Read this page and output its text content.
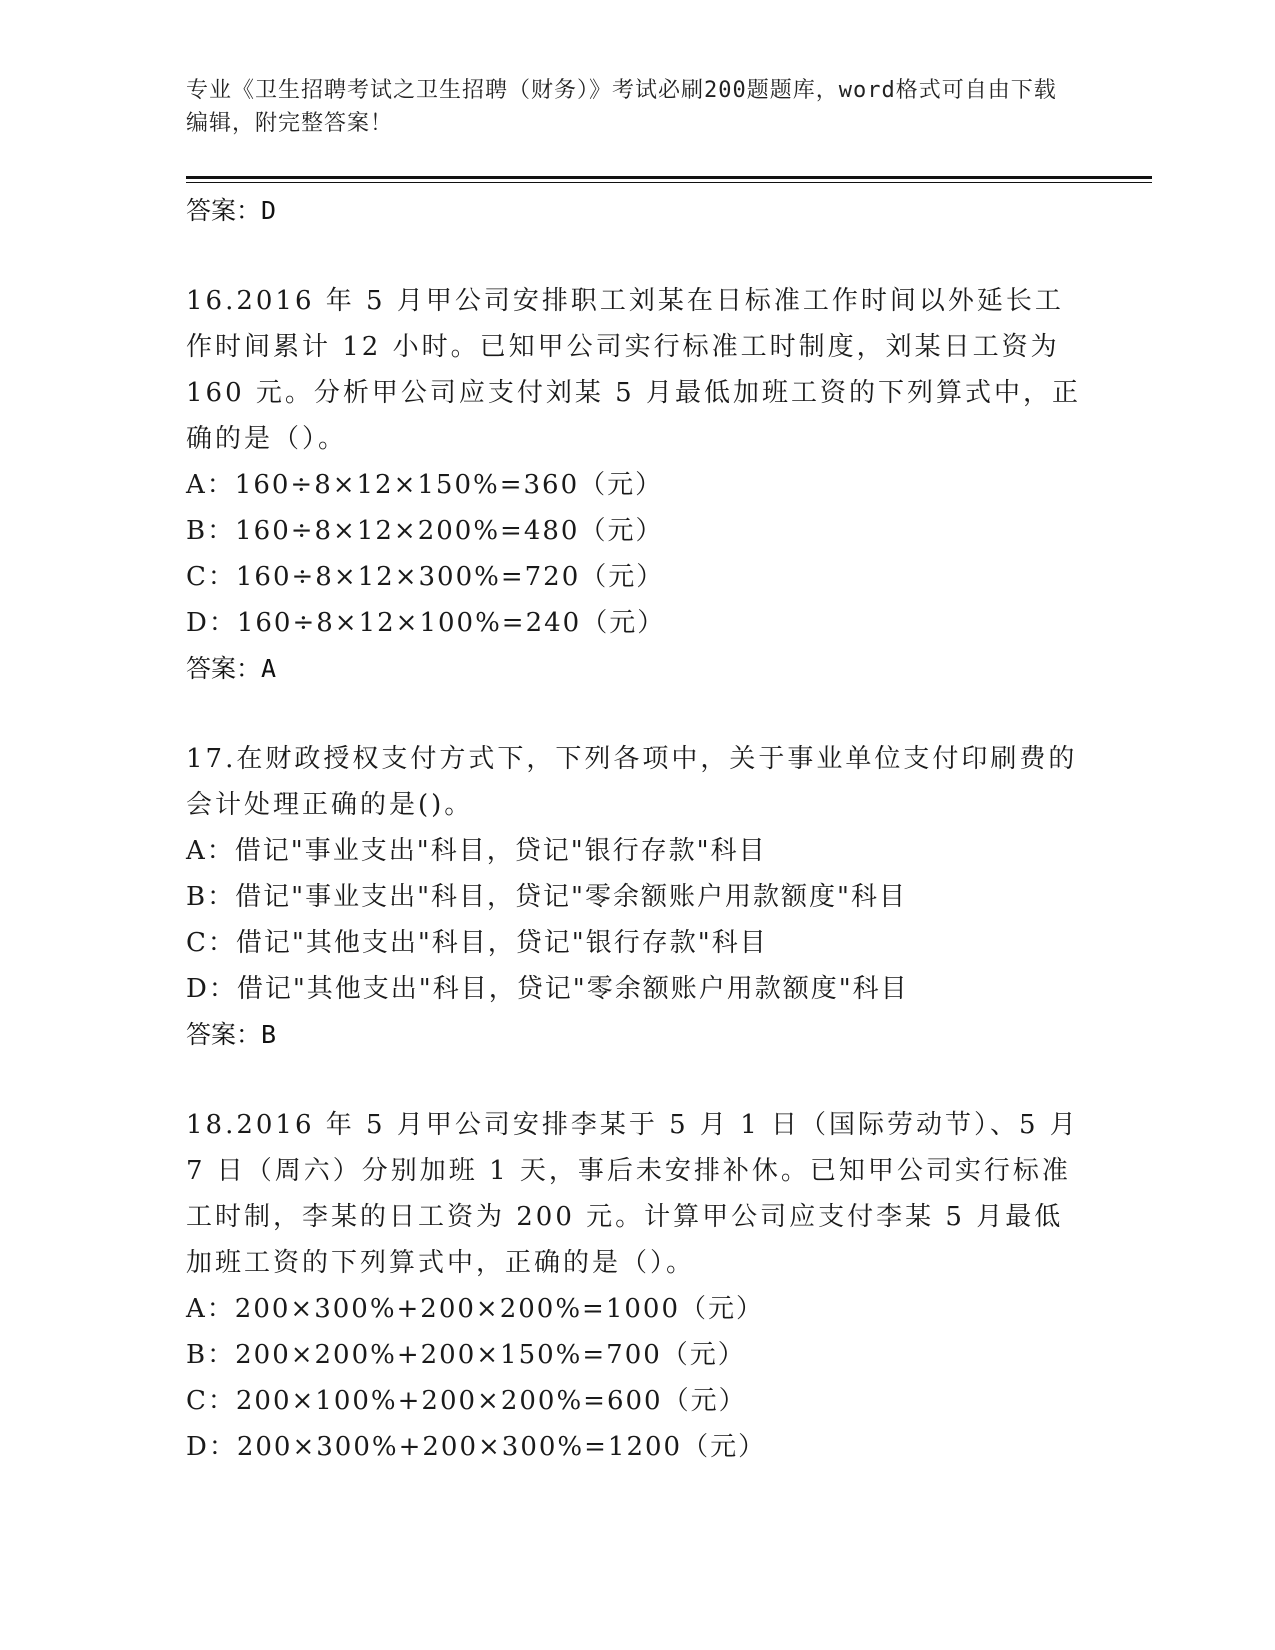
专业《卫生招聘考试之卫生招聘（财务）》考试必刷200题题库，word格式可自由下载编辑，附完整答案！
答案：D
16.2016 年 5 月甲公司安排职工刘某在日标准工作时间以外延长工作时间累计 12 小时。已知甲公司实行标准工时制度，刘某日工资为 160 元。分析甲公司应支付刘某 5 月最低加班工资的下列算式中，正确的是（）。
A：160÷8×12×150%=360（元）
B：160÷8×12×200%=480（元）
C：160÷8×12×300%=720（元）
D：160÷8×12×100%=240（元）
答案：A
17.在财政授权支付方式下，下列各项中，关于事业单位支付印刷费的会计处理正确的是()。
A：借记"事业支出"科目，贷记"银行存款"科目
B：借记"事业支出"科目，贷记"零余额账户用款额度"科目
C：借记"其他支出"科目，贷记"银行存款"科目
D：借记"其他支出"科目，贷记"零余额账户用款额度"科目
答案：B
18.2016 年 5 月甲公司安排李某于 5 月 1 日（国际劳动节）、5 月 7 日（周六）分别加班 1 天，事后未安排补休。已知甲公司实行标准工时制，李某的日工资为 200 元。计算甲公司应支付李某 5 月最低加班工资的下列算式中，正确的是（）。
A：200×300%+200×200%=1000（元）
B：200×200%+200×150%=700（元）
C：200×100%+200×200%=600（元）
D：200×300%+200×300%=1200（元）
